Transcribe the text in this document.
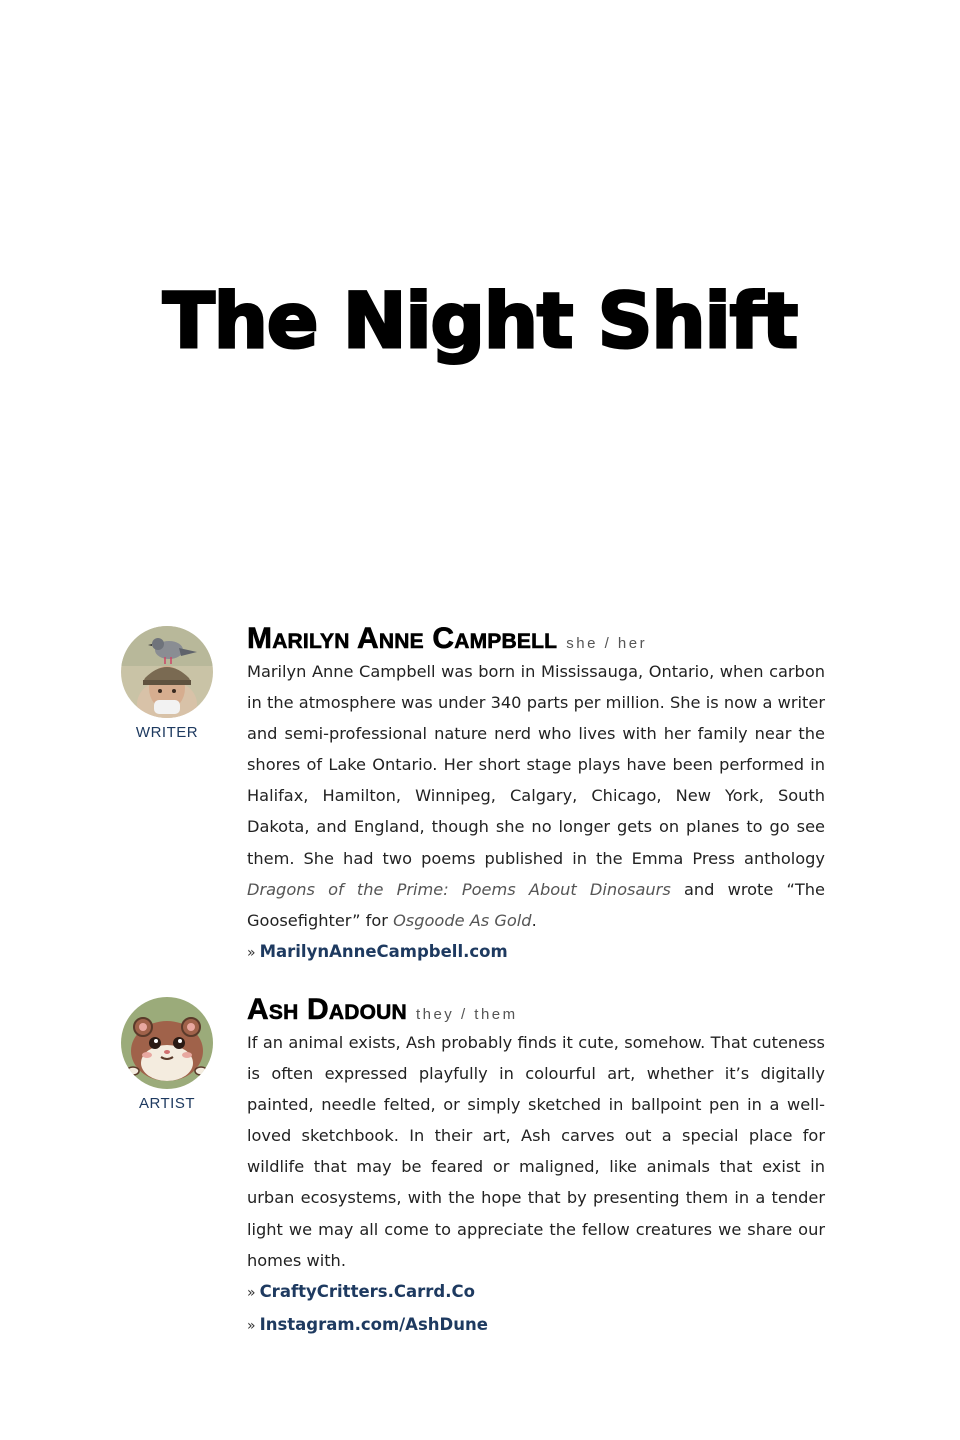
The Night Shift
WRITER
Marilyn Anne Campbell she / her

Marilyn Anne Campbell was born in Mississauga, Ontario, when carbon in the atmosphere was under 340 parts per million. She is now a writer and semi-professional nature nerd who lives with her family near the shores of Lake Ontario. Her short stage plays have been performed in Halifax, Hamilton, Winnipeg, Calgary, Chicago, New York, South Dakota, and England, though she no longer gets on planes to go see them. She had two poems published in the Emma Press anthology Dragons of the Prime: Poems About Dinosaurs and wrote “The Goosefighter” for Osgoode As Gold.

» MarilynAnneCampbell.com
ARTIST
Ash Dadoun they / them

If an animal exists, Ash probably finds it cute, somehow. That cuteness is often expressed playfully in colourful art, whether it’s digitally painted, needle felted, or simply sketched in ballpoint pen in a well-loved sketchbook. In their art, Ash carves out a special place for wildlife that may be feared or maligned, like animals that exist in urban ecosystems, with the hope that by presenting them in a tender light we may all come to appreciate the fellow creatures we share our homes with.

» CraftyCritters.Carrd.Co
» Instagram.com/AshDune
